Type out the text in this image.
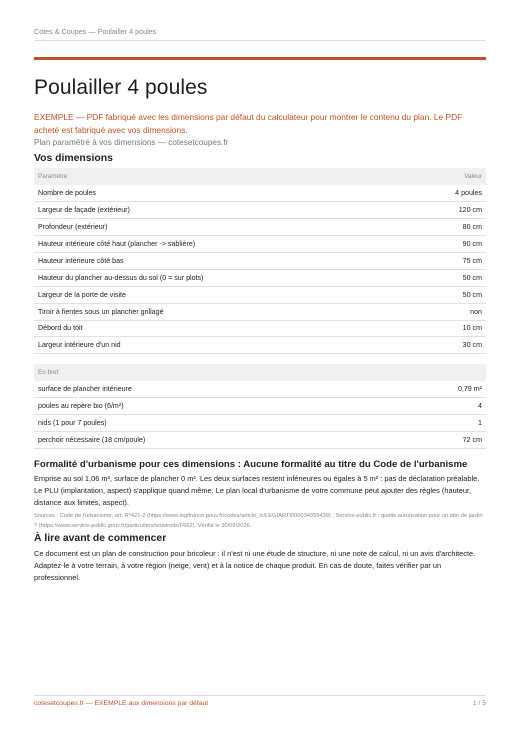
Cotes & Coupes — Poulailler 4 poules
Poulailler 4 poules

EXEMPLE — PDF fabriqué avec les dimensions par défaut du calculateur pour montrer le contenu du plan. Le PDF acheté est fabriqué avec vos dimensions.

Plan paramétré à vos dimensions — cotesetcoupes.fr

Vos dimensions
Paramètre	Valeur
Nombre de poules	4 poules
Largeur de façade (extérieur)	120 cm
Profondeur (extérieur)	80 cm
Hauteur intérieure côté haut (plancher -> sablière)	90 cm
Hauteur intérieure côté bas	75 cm
Hauteur du plancher au-dessus du sol (0 = sur plots)	50 cm
Largeur de la porte de visite	50 cm
Tiroir à fientes sous un plancher grillagé	non
Débord du toit	10 cm
Largeur intérieure d'un nid	30 cm
En bref	
surface de plancher intérieure	0,79 m²
poules au repère bio (6/m²)	4
nids (1 pour 7 poules)	1
perchoir nécessaire (18 cm/poule)	72 cm
Formalité d'urbanisme pour ces dimensions : Aucune formalité au titre du Code de l'urbanisme

Emprise au sol 1,06 m², surface de plancher 0 m². Les deux surfaces restent inférieures ou égales à 5 m² : pas de déclaration préalable. Le PLU (implantation, aspect) s'applique quand même. Le plan local d'urbanisme de votre commune peut ajouter des règles (hauteur, distance aux limites, aspect).

Sources : Code de l'urbanisme, art. R*421-2 (https://www.legifrance.gouv.fr/codes/article_lc/LEGIARTI000034355439) ; Service-public.fr : quelle autorisation pour un abri de jardin ? (https://www.service-public.gouv.fr/particuliers/vosdroits/F662). Vérifié le 30/09/2026.

À lire avant de commencer

Ce document est un plan de construction pour bricoleur : il n'est ni une étude de structure, ni une note de calcul, ni un avis d'architecte. Adaptez-le à votre terrain, à votre région (neige, vent) et à la notice de chaque produit. En cas de doute, faites vérifier par un professionnel.

cotesetcoupes.fr — EXEMPLE aux dimensions par défaut	1 / 5
